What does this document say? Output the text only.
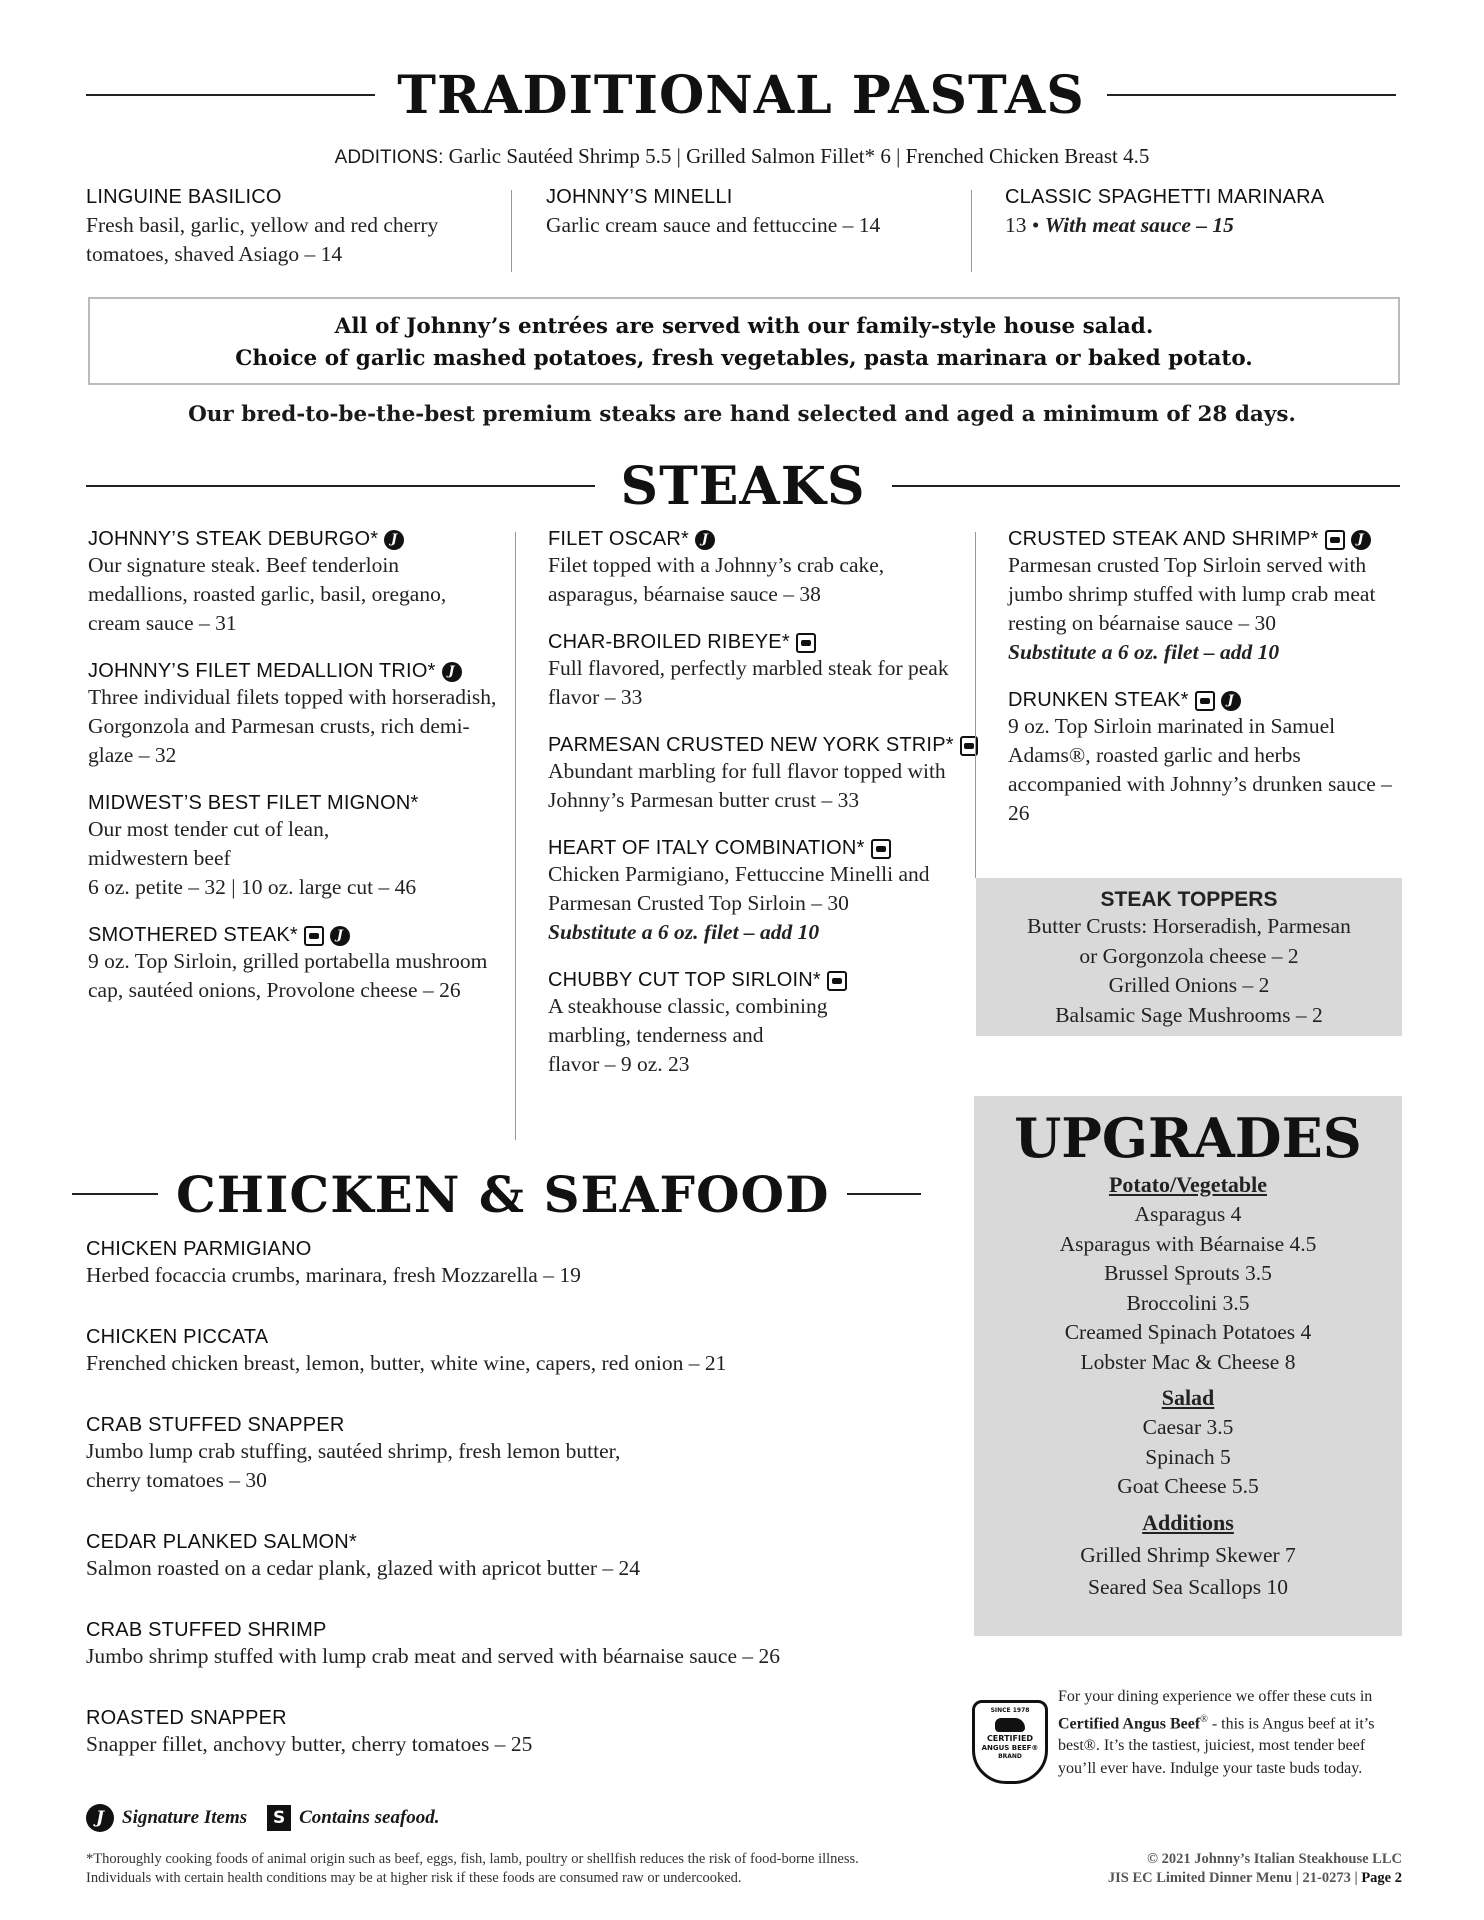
TRADITIONAL PASTAS
ADDITIONS: Garlic Sautéed Shrimp 5.5 | Grilled Salmon Fillet* 6 | Frenched Chicken Breast 4.5
LINGUINE BASILICO
Fresh basil, garlic, yellow and red cherry tomatoes, shaved Asiago – 14
JOHNNY’S MINELLI
Garlic cream sauce and fettuccine – 14
CLASSIC SPAGHETTI MARINARA
13 • With meat sauce – 15
All of Johnny’s entrées are served with our family-style house salad.
Choice of garlic mashed potatoes, fresh vegetables, pasta marinara or baked potato.
Our bred-to-be-the-best premium steaks are hand selected and aged a minimum of 28 days.
STEAKS
JOHNNY’S STEAK DEBURGO* J
Our signature steak. Beef tenderloin medallions, roasted garlic, basil, oregano, cream sauce – 31
JOHNNY’S FILET MEDALLION TRIO* J
Three individual filets topped with horseradish, Gorgonzola and Parmesan crusts, rich demi-glaze – 32
MIDWEST’S BEST FILET MIGNON*
Our most tender cut of lean,
midwestern beef
6 oz. petite – 32 | 10 oz. large cut – 46
SMOTHERED STEAK*	J
9 oz. Top Sirloin, grilled portabella mushroom cap, sautéed onions, Provolone cheese – 26
FILET OSCAR* J
Filet topped with a Johnny’s crab cake, asparagus, béarnaise sauce – 38
CHAR-BROILED RIBEYE*
Full flavored, perfectly marbled steak for peak flavor – 33
PARMESAN CRUSTED NEW YORK STRIP*
Abundant marbling for full flavor topped with Johnny’s Parmesan butter crust – 33
HEART OF ITALY COMBINATION*
Chicken Parmigiano, Fettuccine Minelli and Parmesan Crusted Top Sirloin – 30
Substitute a 6 oz. filet – add 10
CHUBBY CUT TOP SIRLOIN*
A steakhouse classic, combining
marbling, tenderness and
flavor – 9 oz. 23
CRUSTED STEAK AND SHRIMP*	J
Parmesan crusted Top Sirloin served with jumbo shrimp stuffed with lump crab meat resting on béarnaise sauce – 30
Substitute a 6 oz. filet – add 10
DRUNKEN STEAK*	J
9 oz. Top Sirloin marinated in Samuel Adams®, roasted garlic and herbs accompanied with Johnny’s drunken sauce – 26
STEAK TOPPERS
Butter Crusts: Horseradish, Parmesan
or Gorgonzola cheese – 2
Grilled Onions – 2
Balsamic Sage Mushrooms – 2
CHICKEN & SEAFOOD
CHICKEN PARMIGIANO
Herbed focaccia crumbs, marinara, fresh Mozzarella – 19
CHICKEN PICCATA
Frenched chicken breast, lemon, butter, white wine, capers, red onion – 21
CRAB STUFFED SNAPPER
Jumbo lump crab stuffing, sautéed shrimp, fresh lemon butter,
cherry tomatoes – 30
CEDAR PLANKED SALMON*
Salmon roasted on a cedar plank, glazed with apricot butter – 24
CRAB STUFFED SHRIMP
Jumbo shrimp stuffed with lump crab meat and served with béarnaise sauce – 26
ROASTED SNAPPER
Snapper fillet, anchovy butter, cherry tomatoes – 25
UPGRADES
Potato/Vegetable
Asparagus 4
Asparagus with Béarnaise 4.5
Brussel Sprouts 3.5
Broccolini 3.5
Creamed Spinach Potatoes 4
Lobster Mac & Cheese 8
Salad
Caesar 3.5
Spinach 5
Goat Cheese 5.5
Additions
Grilled Shrimp Skewer 7
Seared Sea Scallops 10
SINCE 1978
CERTIFIED
ANGUS BEEF®
BRAND
For your dining experience we offer these cuts in Certified Angus Beef® - this is Angus beef at it’s best®. It’s the tastiest, juiciest, most tender beef you’ll ever have. Indulge your taste buds today.
J Signature Items	S Contains seafood.
*Thoroughly cooking foods of animal origin such as beef, eggs, fish, lamb, poultry or shellfish reduces the risk of food-borne illness.
Individuals with certain health conditions may be at higher risk if these foods are consumed raw or undercooked.
© 2021 Johnny’s Italian Steakhouse LLC
JIS EC Limited Dinner Menu | 21-0273 | Page 2
